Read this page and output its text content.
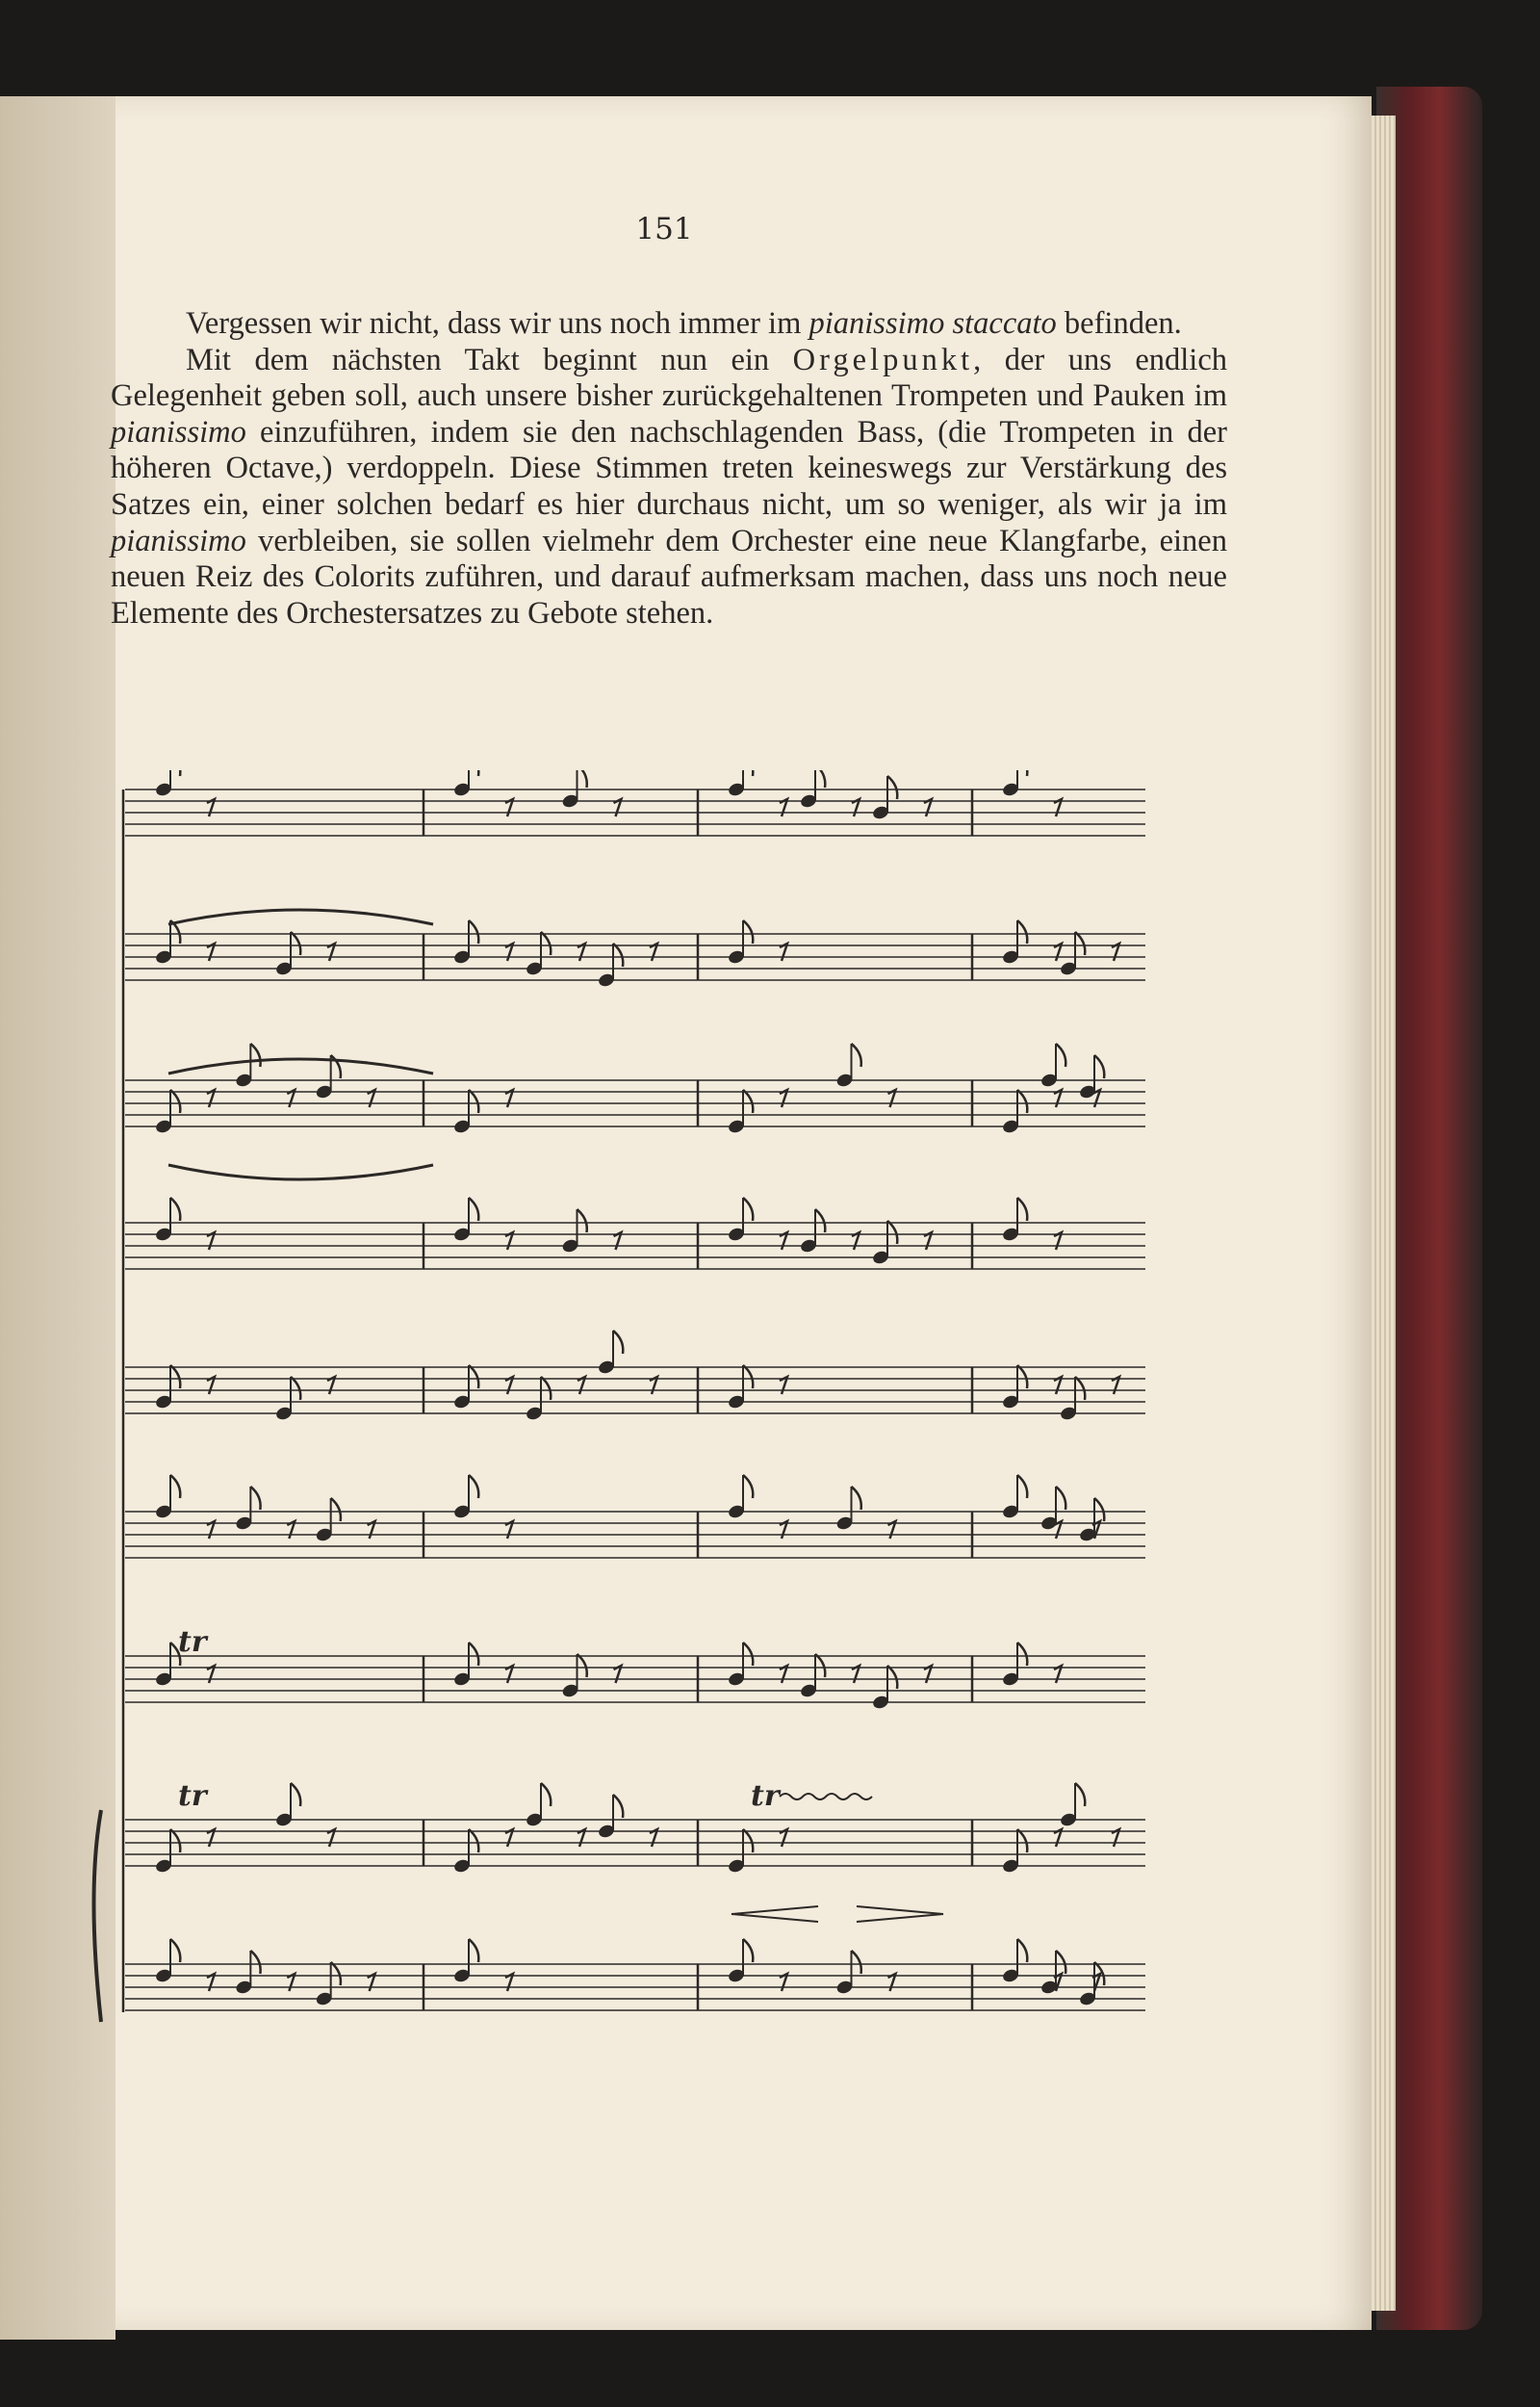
151

Vergessen wir nicht, dass wir uns noch immer im pianissimo staccato befinden.

Mit dem nächsten Takt beginnt nun ein Orgelpunkt, der uns endlich Gelegenheit geben soll, auch unsere bisher zurückgehaltenen Trompeten und Pauken im pianissimo einzuführen, indem sie den nachschlagenden Bass, (die Trompeten in der höheren Octave,) verdoppeln. Diese Stimmen treten keineswegs zur Verstärkung des Satzes ein, einer solchen bedarf es hier durchaus nicht, um so weniger, als wir ja im pianissimo verbleiben, sie sollen vielmehr dem Orchester eine neue Klangfarbe, einen neuen Reiz des Colorits zuführen, und darauf aufmerksam machen, dass uns noch neue Elemente des Orchestersatzes zu Gebote stehen.

tr
tr	tr
